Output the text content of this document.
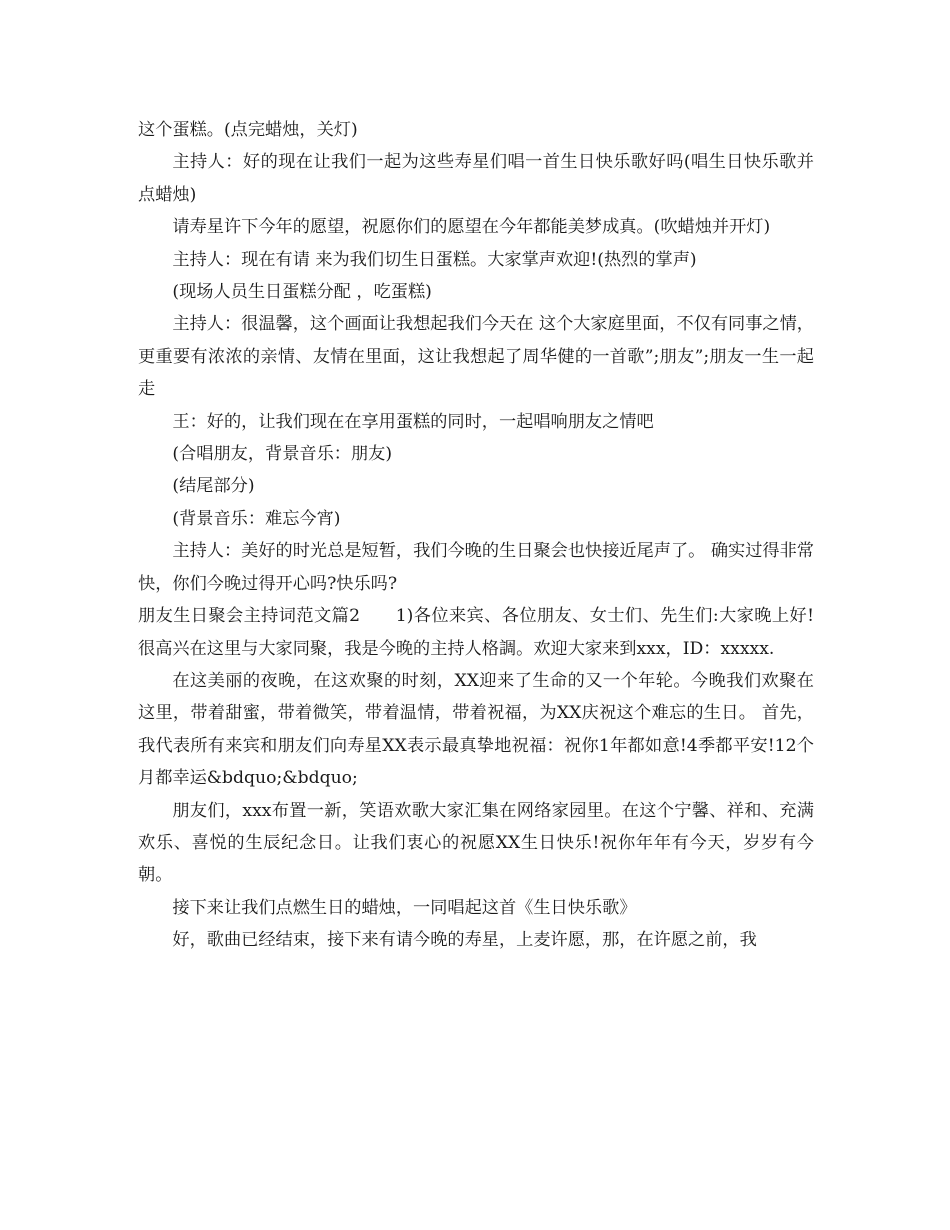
这个蛋糕。(点完蜡烛，关灯)

主持人：好的现在让我们一起为这些寿星们唱一首生日快乐歌好吗(唱生日快乐歌并点蜡烛)

请寿星许下今年的愿望，祝愿你们的愿望在今年都能美梦成真。(吹蜡烛并开灯)

主持人：现在有请 来为我们切生日蛋糕。大家掌声欢迎!(热烈的掌声)

(现场人员生日蛋糕分配 ，吃蛋糕)

主持人：很温馨，这个画面让我想起我们今天在 这个大家庭里面，不仅有同事之情，更重要有浓浓的亲情、友情在里面，这让我想起了周华健的一首歌”;朋友”;朋友一生一起走

王：好的，让我们现在在享用蛋糕的同时，一起唱响朋友之情吧

(合唱朋友，背景音乐：朋友)

(结尾部分)

(背景音乐：难忘今宵)

主持人：美好的时光总是短暂，我们今晚的生日聚会也快接近尾声了。 确实过得非常快，你们今晚过得开心吗?快乐吗?

朋友生日聚会主持词范文篇2　　1)各位来宾、各位朋友、女士们、先生们:大家晚上好!很高兴在这里与大家同聚，我是今晚的主持人格調。欢迎大家来到xxx，ID：xxxxx.

在这美丽的夜晚，在这欢聚的时刻，XX迎来了生命的又一个年轮。今晚我们欢聚在这里，带着甜蜜，带着微笑，带着温情，带着祝福，为XX庆祝这个难忘的生日。 首先，我代表所有来宾和朋友们向寿星XX表示最真挚地祝福：祝你1年都如意!4季都平安!12个月都幸运&bdquo;&bdquo;

朋友们，xxx布置一新，笑语欢歌大家汇集在网络家园里。在这个宁馨、祥和、充满欢乐、喜悦的生辰纪念日。让我们衷心的祝愿XX生日快乐!祝你年年有今天，岁岁有今朝。

接下来让我们点燃生日的蜡烛，一同唱起这首《生日快乐歌》

好，歌曲已经结束，接下来有请今晚的寿星，上麦许愿，那，在许愿之前，我
